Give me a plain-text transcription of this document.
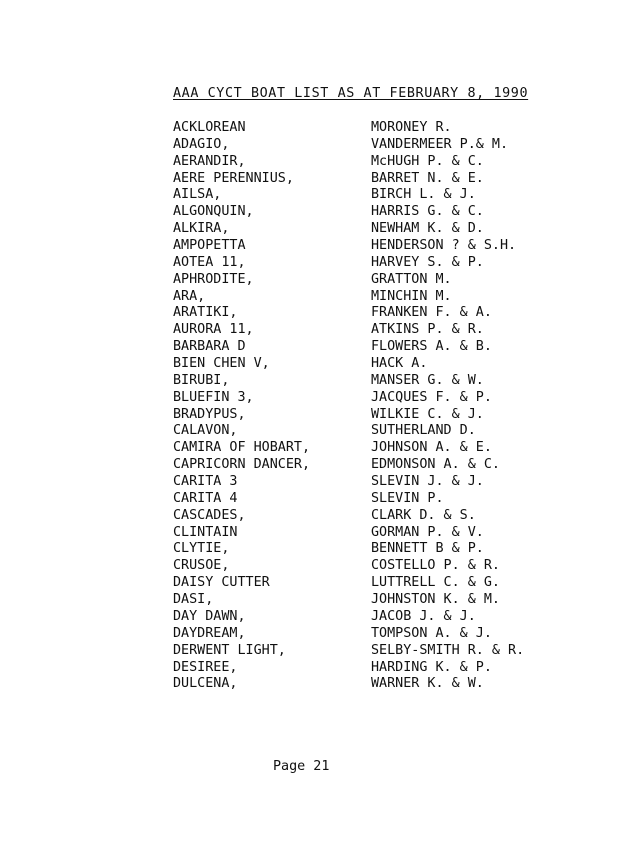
AAA CYCT BOAT LIST AS AT FEBRUARY 8, 1990
ACKLOREAN	MORONEY R.
ADAGIO,	VANDERMEER P.& M.
AERANDIR,	McHUGH P. & C.
AERE PERENNIUS,	BARRET N. & E.
AILSA,	BIRCH L. & J.
ALGONQUIN,	HARRIS G. & C.
ALKIRA,	NEWHAM K. & D.
AMPOPETTA	HENDERSON ? & S.H.
AOTEA 11,	HARVEY S. & P.
APHRODITE,	GRATTON M.
ARA,	MINCHIN M.
ARATIKI,	FRANKEN F. & A.
AURORA 11,	ATKINS P. & R.
BARBARA D	FLOWERS A. & B.
BIEN CHEN V,	HACK A.
BIRUBI,	MANSER G. & W.
BLUEFIN 3,	JACQUES F. & P.
BRADYPUS,	WILKIE C. & J.
CALAVON,	SUTHERLAND D.
CAMIRA OF HOBART,	JOHNSON A. & E.
CAPRICORN DANCER,	EDMONSON A. & C.
CARITA 3	SLEVIN J. & J.
CARITA 4	SLEVIN P.
CASCADES,	CLARK D. & S.
CLINTAIN	GORMAN P. & V.
CLYTIE,	BENNETT B & P.
CRUSOE,	COSTELLO P. & R.
DAISY CUTTER	LUTTRELL C. & G.
DASI,	JOHNSTON K. & M.
DAY DAWN,	JACOB J. & J.
DAYDREAM,	TOMPSON A. & J.
DERWENT LIGHT,	SELBY-SMITH R. & R.
DESIREE,	HARDING K. & P.
DULCENA,	WARNER K. & W.
Page 21
